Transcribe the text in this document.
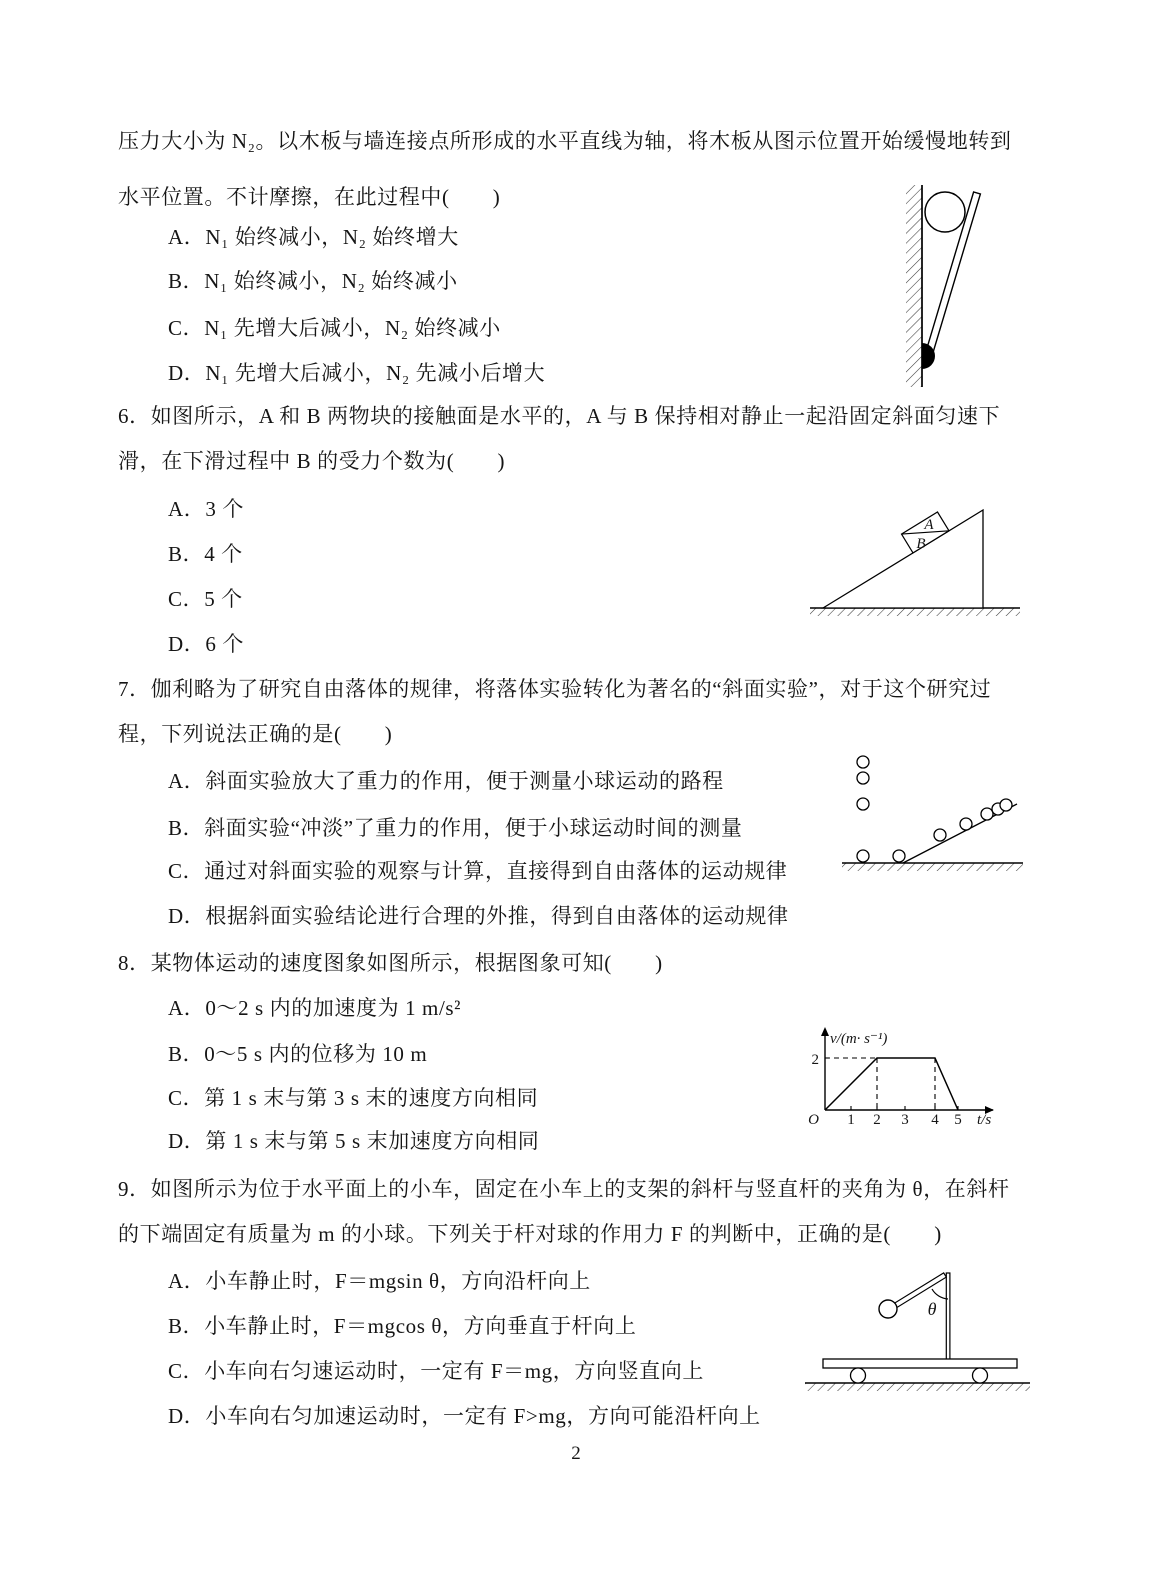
压力大小为 N₂。以木板与墙连接点所形成的水平直线为轴，将木板从图示位置开始缓慢地转到
水平位置。不计摩擦，在此过程中(　　)
A．N₁ 始终减小，N₂ 始终增大
B．N₁ 始终减小，N₂ 始终减小
C．N₁ 先增大后减小，N₂ 始终减小
D．N₁ 先增大后减小，N₂ 先减小后增大
6．如图所示，A 和 B 两物块的接触面是水平的，A 与 B 保持相对静止一起沿固定斜面匀速下
滑，在下滑过程中 B 的受力个数为(　　)
A．3 个
B．4 个
C．5 个
D．6 个
A
B
7．伽利略为了研究自由落体的规律，将落体实验转化为著名的“斜面实验”，对于这个研究过
程，下列说法正确的是(　　)
A．斜面实验放大了重力的作用，便于测量小球运动的路程
B．斜面实验“冲淡”了重力的作用，便于小球运动时间的测量
C．通过对斜面实验的观察与计算，直接得到自由落体的运动规律
D．根据斜面实验结论进行合理的外推，得到自由落体的运动规律
8．某物体运动的速度图象如图所示，根据图象可知(　　)
A．0～2 s 内的加速度为 1 m/s²
B．0～5 s 内的位移为 10 m
C．第 1 s 末与第 3 s 末的速度方向相同
D．第 1 s 末与第 5 s 末加速度方向相同
v/(m· s⁻¹)
2
O 1 2 3 4 5 t/s
9．如图所示为位于水平面上的小车，固定在小车上的支架的斜杆与竖直杆的夹角为 θ，在斜杆
的下端固定有质量为 m 的小球。下列关于杆对球的作用力 F 的判断中，正确的是(　　)
A．小车静止时，F＝mgsin θ，方向沿杆向上
B．小车静止时，F＝mgcos θ，方向垂直于杆向上
C．小车向右匀速运动时，一定有 F＝mg，方向竖直向上
D．小车向右匀加速运动时，一定有 F>mg，方向可能沿杆向上
θ
2
